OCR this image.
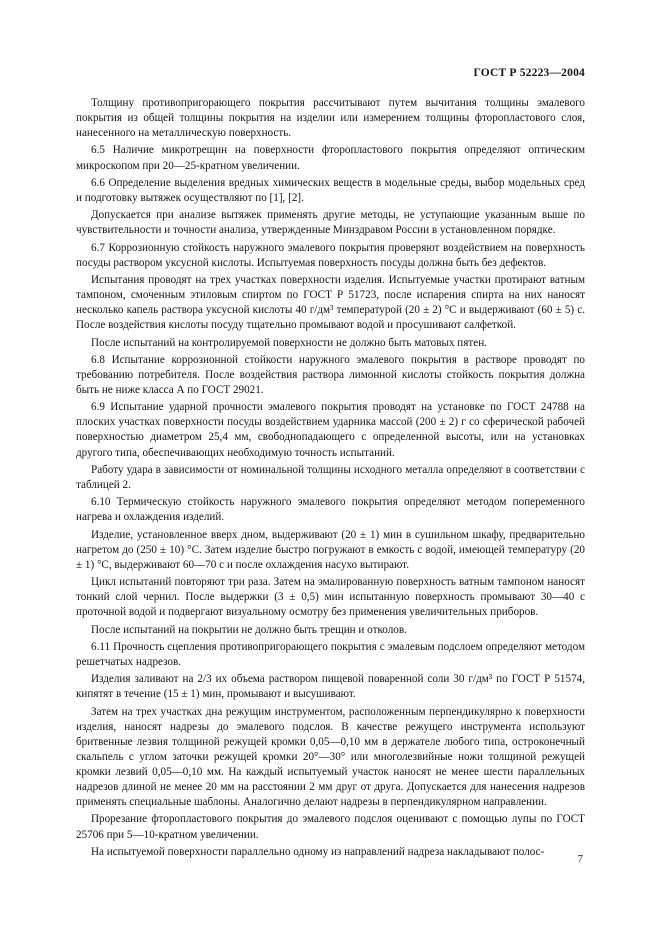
ГОСТ Р 52223—2004

Толщину противопригорающего покрытия рассчитывают путем вычитания толщины эмалевого покрытия из общей толщины покрытия на изделии или измерением толщины фторопластового слоя, нанесенного на металлическую поверхность.

6.5 Наличие микротрещин на поверхности фторопластового покрытия определяют оптическим микроскопом при 20—25-кратном увеличении.

6.6 Определение выделения вредных химических веществ в модельные среды, выбор модельных сред и подготовку вытяжек осуществляют по [1], [2].

Допускается при анализе вытяжек применять другие методы, не уступающие указанным выше по чувствительности и точности анализа, утвержденные Минздравом России в установленном порядке.

6.7 Коррозионную стойкость наружного эмалевого покрытия проверяют воздействием на поверхность посуды раствором уксусной кислоты. Испытуемая поверхность посуды должна быть без дефектов.

Испытания проводят на трех участках поверхности изделия. Испытуемые участки протирают ватным тампоном, смоченным этиловым спиртом по ГОСТ Р 51723, после испарения спирта на них наносят несколько капель раствора уксусной кислоты 40 г/дм³ температурой (20 ± 2) °С и выдерживают (60 ± 5) с. После воздействия кислоты посуду тщательно промывают водой и просушивают салфеткой.

После испытаний на контролируемой поверхности не должно быть матовых пятен.

6.8 Испытание коррозионной стойкости наружного эмалевого покрытия в растворе проводят по требованию потребителя. После воздействия раствора лимонной кислоты стойкость покрытия должна быть не ниже класса А по ГОСТ 29021.

6.9 Испытание ударной прочности эмалевого покрытия проводят на установке по ГОСТ 24788 на плоских участках поверхности посуды воздействием ударника массой (200 ± 2) г со сферической рабочей поверхностью диаметром 25,4 мм, свободнопадающего с определенной высоты, или на установках другого типа, обеспечивающих необходимую точность испытаний.

Работу удара в зависимости от номинальной толщины исходного металла определяют в соответствии с таблицей 2.

6.10 Термическую стойкость наружного эмалевого покрытия определяют методом попеременного нагрева и охлаждения изделий.

Изделие, установленное вверх дном, выдерживают (20 ± 1) мин в сушильном шкафу, предварительно нагретом до (250 ± 10) °С. Затем изделие быстро погружают в емкость с водой, имеющей температуру (20 ± 1) °С, выдерживают 60—70 с и после охлаждения насухо вытирают.

Цикл испытаний повторяют три раза. Затем на эмалированную поверхность ватным тампоном наносят тонкий слой чернил. После выдержки (3 ± 0,5) мин испытанную поверхность промывают 30—40 с проточной водой и подвергают визуальному осмотру без применения увеличительных приборов.

После испытаний на покрытии не должно быть трещин и отколов.

6.11 Прочность сцепления противопригорающего покрытия с эмалевым подслоем определяют методом решетчатых надрезов.

Изделия заливают на 2/3 их объема раствором пищевой поваренной соли 30 г/дм³ по ГОСТ Р 51574, кипятят в течение (15 ± 1) мин, промывают и высушивают.

Затем на трех участках дна режущим инструментом, расположенным перпендикулярно к поверхности изделия, наносят надрезы до эмалевого подслоя. В качестве режущего инструмента используют бритвенные лезвия толщиной режущей кромки 0,05—0,10 мм в держателе любого типа, остроконечный скальпель с углом заточки режущей кромки 20°—30° или многолезвийные ножи толщиной режущей кромки лезвий 0,05—0,10 мм. На каждый испытуемый участок наносят не менее шести параллельных надрезов длиной не менее 20 мм на расстоянии 2 мм друг от друга. Допускается для нанесения надрезов применять специальные шаблоны. Аналогично делают надрезы в перпендикулярном направлении.

Прорезание фторопластового покрытия до эмалевого подслоя оценивают с помощью лупы по ГОСТ 25706 при 5—10-кратном увеличении.

На испытуемой поверхности параллельно одному из направлений надреза накладывают полос-

7
